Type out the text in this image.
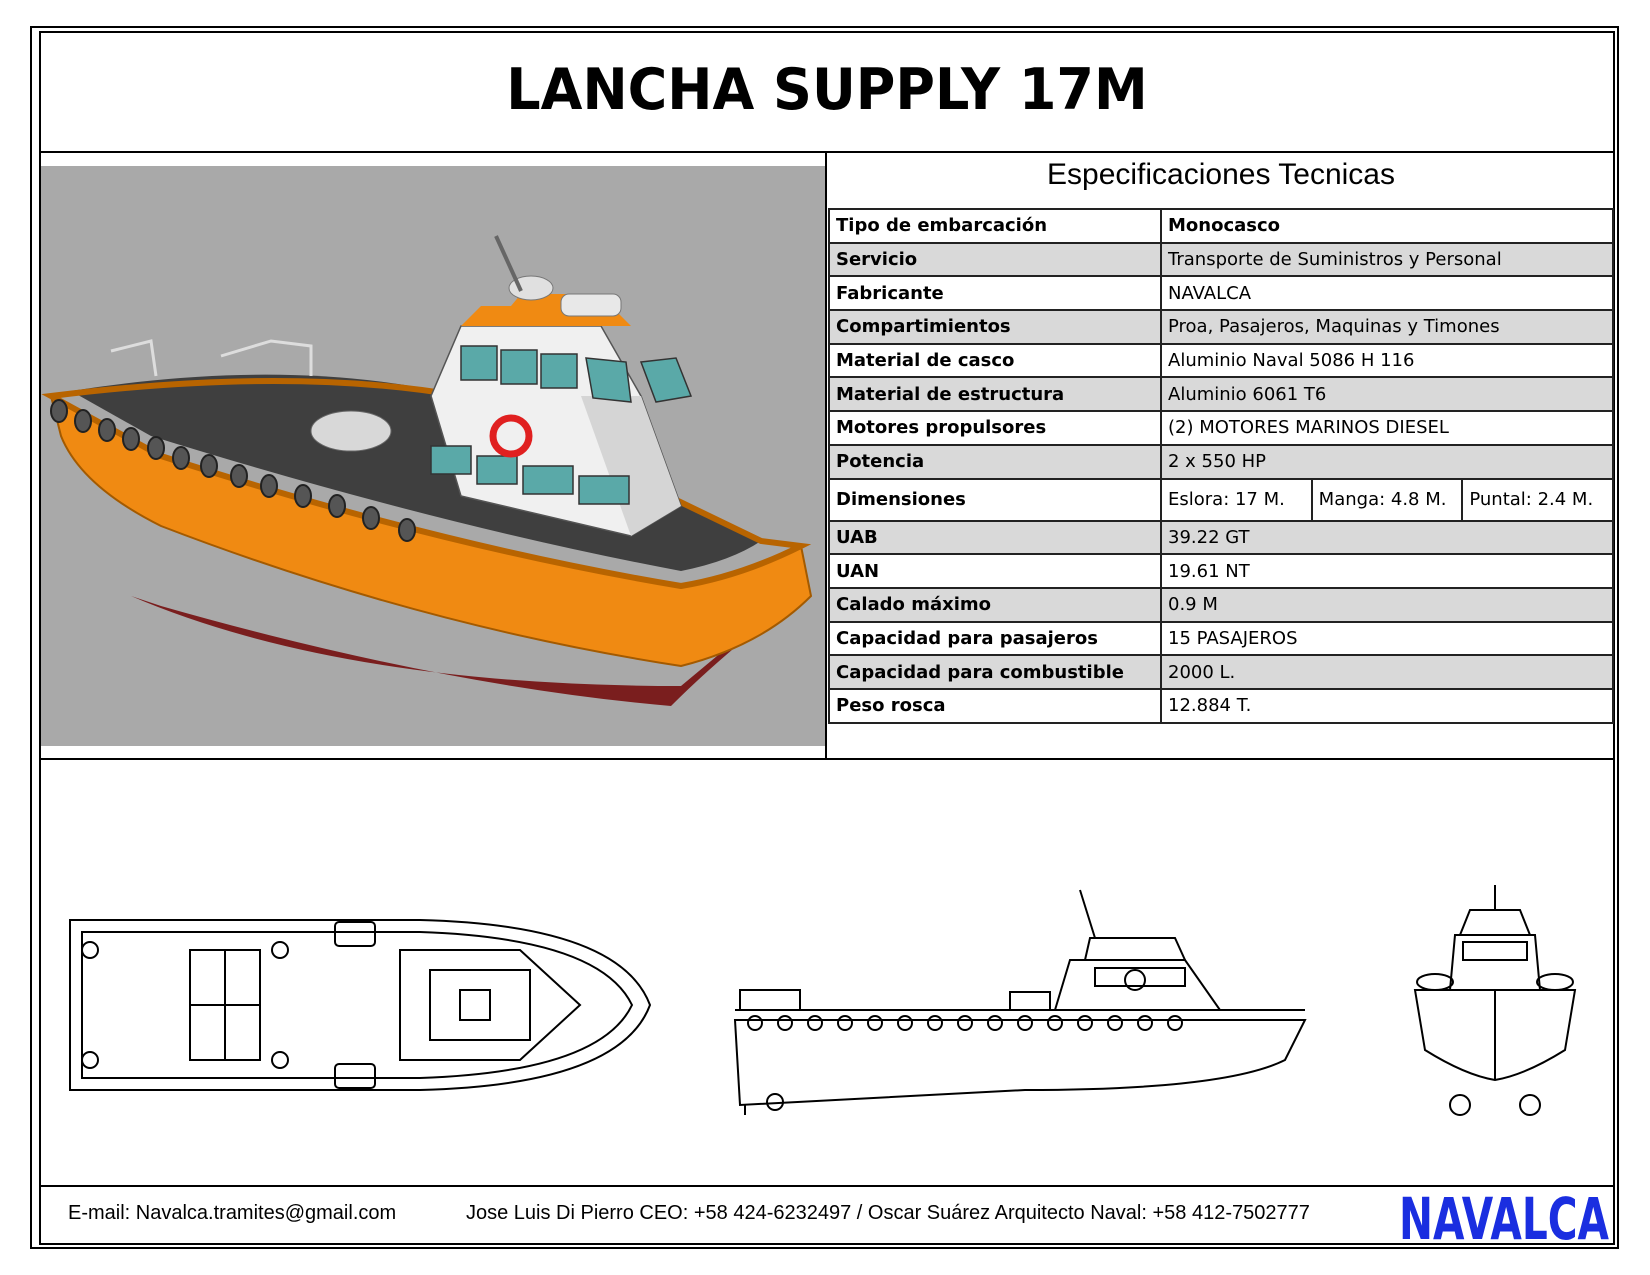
LANCHA SUPPLY 17M
Especificaciones Tecnicas
Tipo de embarcación	Monocasco
Servicio	Transporte de Suministros y Personal
Fabricante	NAVALCA
Compartimientos	Proa, Pasajeros, Maquinas y Timones
Material de casco	Aluminio Naval 5086 H 116
Material de estructura	Aluminio 6061 T6
Motores propulsores	(2) MOTORES MARINOS DIESEL
Potencia	2 x 550 HP
Dimensiones	Eslora: 17 M. Manga: 4.8 M. Puntal: 2.4 M.

UAB	39.22 GT
UAN	19.61 NT
Calado máximo	0.9 M
Capacidad para pasajeros	15 PASAJEROS
Capacidad para combustible	2000 L.
Peso rosca	12.884 T.
E-mail: Navalca.tramites@gmail.com	Jose Luis Di Pierro CEO: +58 424-6232497 / Oscar Suárez Arquitecto Naval: +58 412-7502777 NAVALCA
